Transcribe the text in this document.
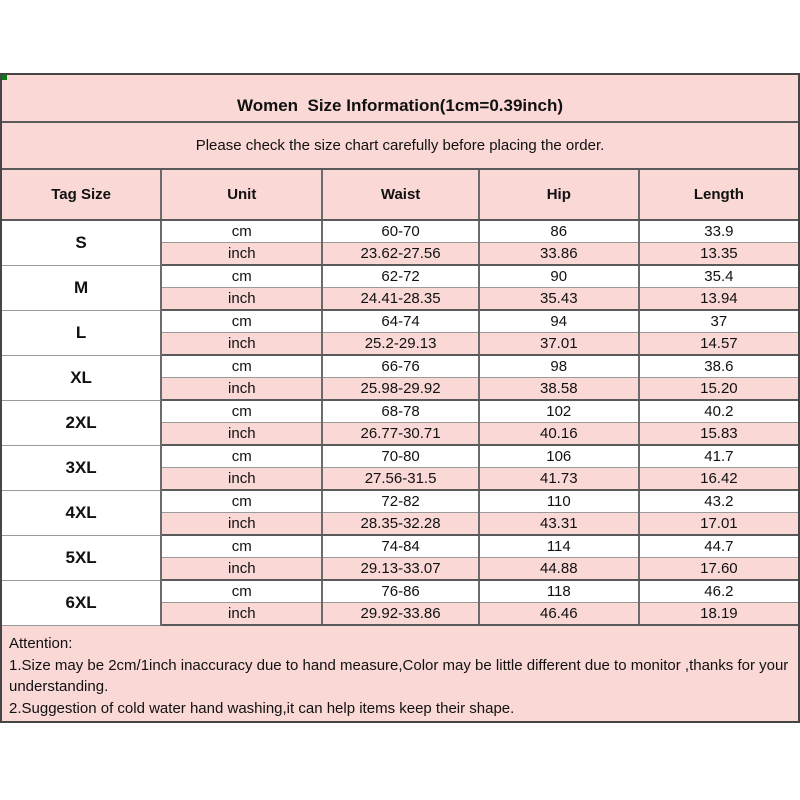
Women  Size Information(1cm=0.39inch)
Please check the size chart carefully before placing the order.
Tag Size	Unit	Waist	Hip	Length
S	cm	60-70	86	33.9
	inch	23.62-27.56	33.86	13.35
M	cm	62-72	90	35.4
	inch	24.41-28.35	35.43	13.94
L	cm	64-74	94	37
	inch	25.2-29.13	37.01	14.57
XL	cm	66-76	98	38.6
	inch	25.98-29.92	38.58	15.20
2XL	cm	68-78	102	40.2
	inch	26.77-30.71	40.16	15.83
3XL	cm	70-80	106	41.7
	inch	27.56-31.5	41.73	16.42
4XL	cm	72-82	110	43.2
	inch	28.35-32.28	43.31	17.01
5XL	cm	74-84	114	44.7
	inch	29.13-33.07	44.88	17.60
6XL	cm	76-86	118	46.2
	inch	29.92-33.86	46.46	18.19
Attention:
1.Size may be 2cm/1inch inaccuracy due to hand measure,Color may be little different due to monitor ,thanks for your understanding.
2.Suggestion of cold water hand washing,it can help items keep their shape.
